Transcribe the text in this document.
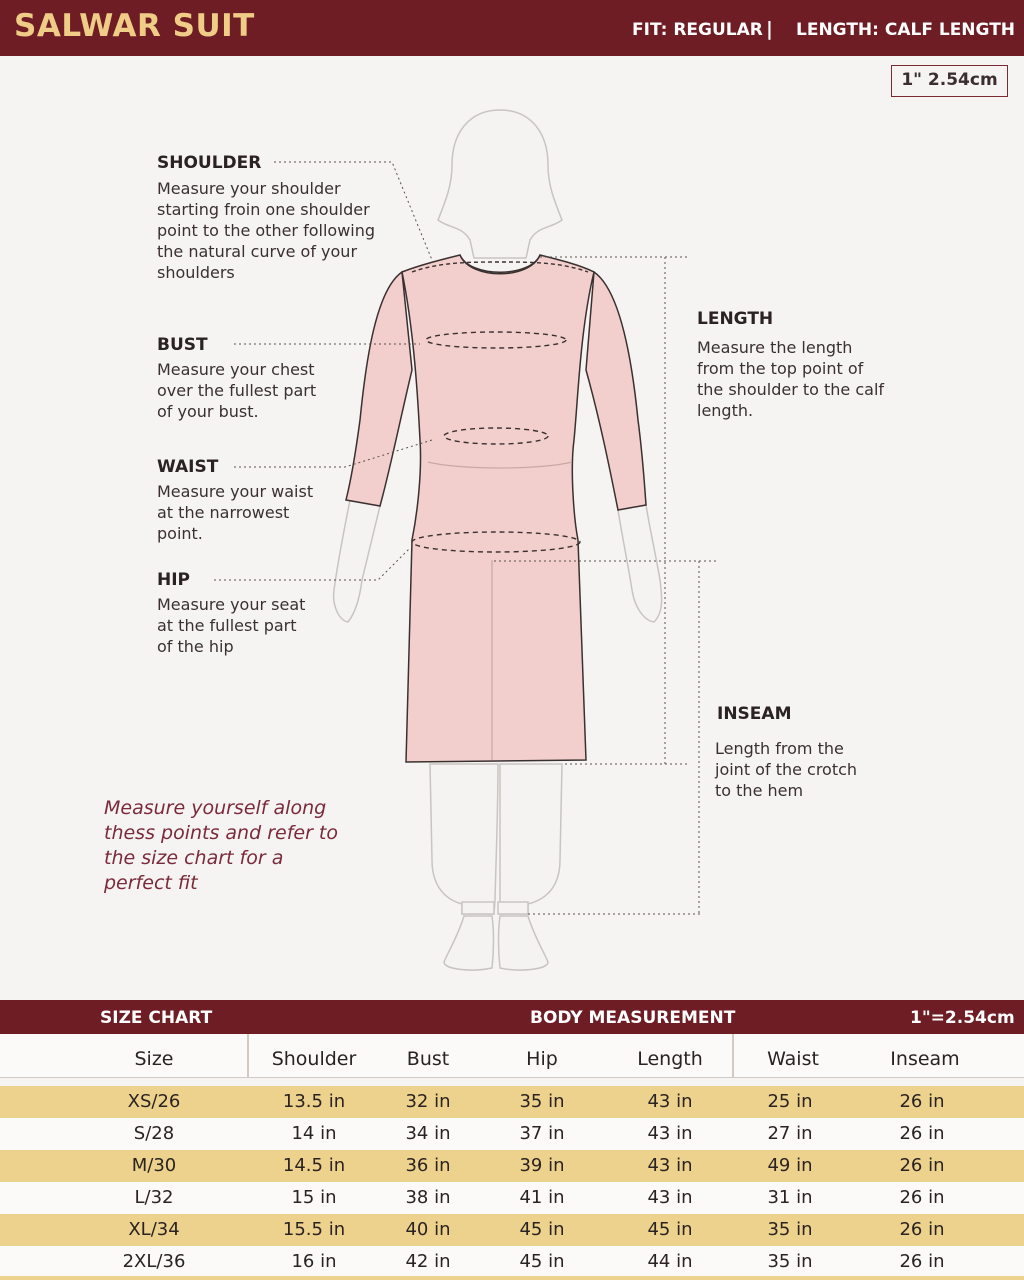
SALWAR SUIT	FIT: REGULAR | LENGTH: CALF LENGTH
1" 2.54cm
SHOULDER
Measure your shoulder
starting froin one shoulder
point to the other following
the natural curve of your
shoulders
BUST
Measure your chest
over the fullest part
of your bust.
WAIST
Measure your waist
at the narrowest
point.
HIP
Measure your seat
at the fullest part
of the hip
LENGTH
Measure the length
from the top point of
the shoulder to the calf
length.
INSEAM
Length from the
joint of the crotch
to the hem
Measure yourself along thess points and refer to the size chart for a perfect fit
SIZE CHART	BODY MEASUREMENT	1"=2.54cm
Size	Shoulder	Bust	Hip	Length	Waist	Inseam
XS/26	13.5 in	32 in	35 in	43 in	25 in	26 in
S/28	14 in	34 in	37 in	43 in	27 in	26 in
M/30	14.5 in	36 in	39 in	43 in	49 in	26 in
L/32	15 in	38 in	41 in	43 in	31 in	26 in
XL/34	15.5 in	40 in	45 in	45 in	35 in	26 in
2XL/36	16 in	42 in	45 in	44 in	35 in	26 in
